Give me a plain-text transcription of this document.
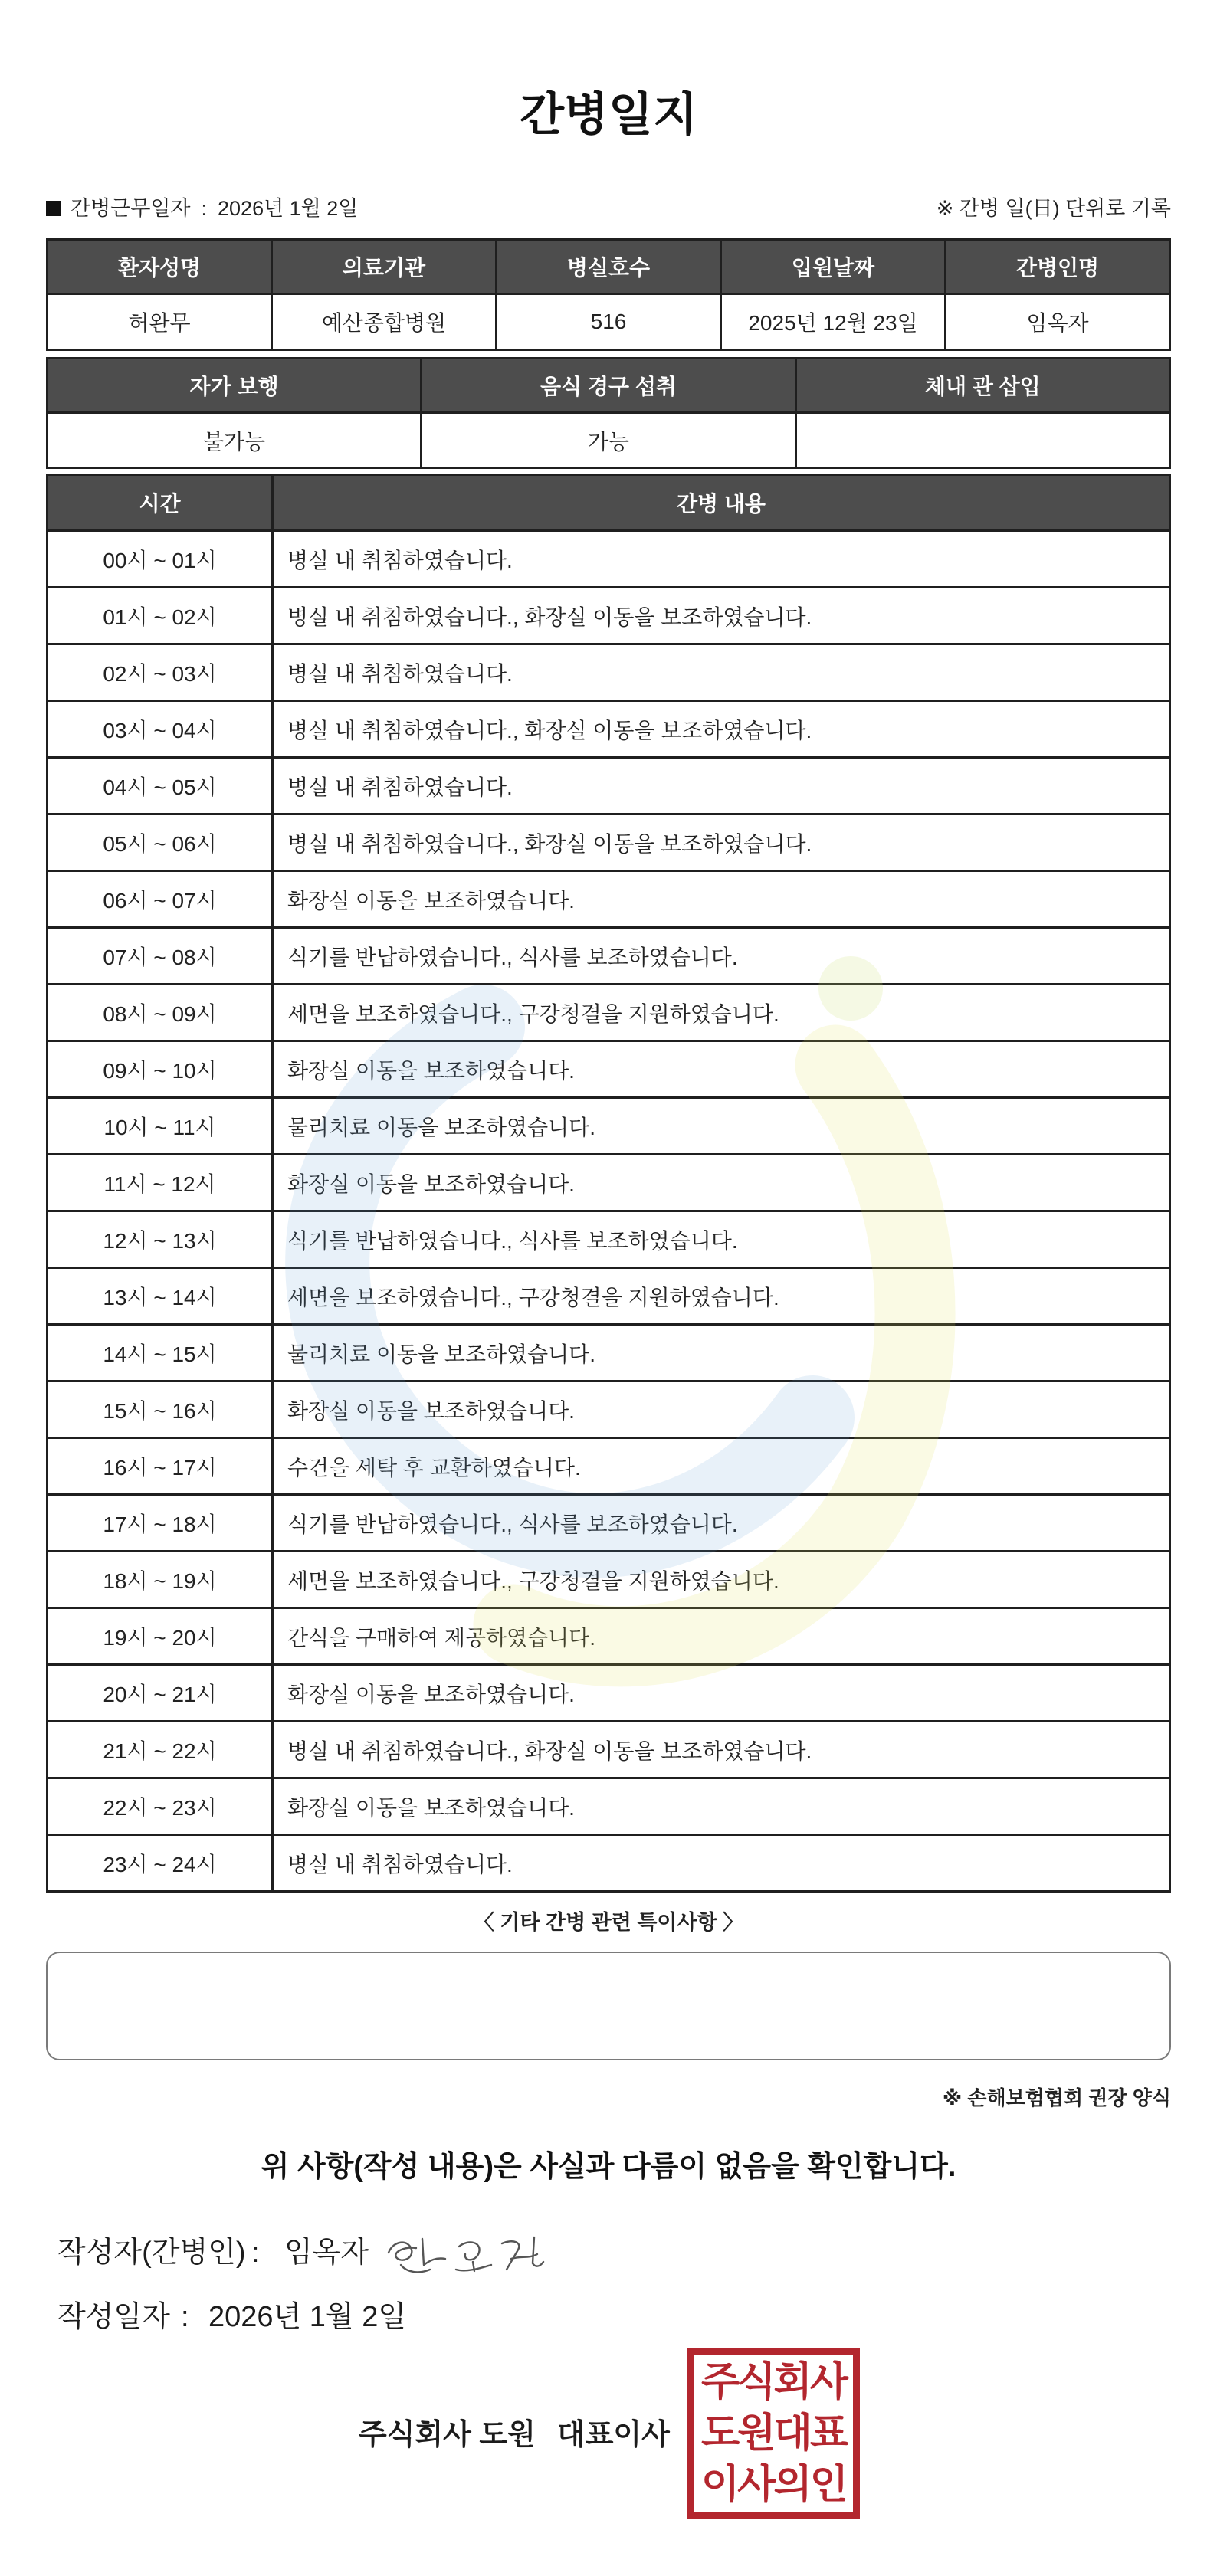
간병일지
간병근무일자 : 2026년 1월 2일	※ 간병 일(日) 단위로 기록
환자성명	의료기관	병실호수	입원날짜	간병인명
허완무	예산종합병원	516	2025년 12월 23일	임옥자
자가 보행	음식 경구 섭취	체내 관 삽입
불가능	가능	
시간	간병 내용
00시 ~ 01시	병실 내 취침하였습니다.
01시 ~ 02시	병실 내 취침하였습니다., 화장실 이동을 보조하였습니다.
02시 ~ 03시	병실 내 취침하였습니다.
03시 ~ 04시	병실 내 취침하였습니다., 화장실 이동을 보조하였습니다.
04시 ~ 05시	병실 내 취침하였습니다.
05시 ~ 06시	병실 내 취침하였습니다., 화장실 이동을 보조하였습니다.
06시 ~ 07시	화장실 이동을 보조하였습니다.
07시 ~ 08시	식기를 반납하였습니다., 식사를 보조하였습니다.
08시 ~ 09시	세면을 보조하였습니다., 구강청결을 지원하였습니다.
09시 ~ 10시	화장실 이동을 보조하였습니다.
10시 ~ 11시	물리치료 이동을 보조하였습니다.
11시 ~ 12시	화장실 이동을 보조하였습니다.
12시 ~ 13시	식기를 반납하였습니다., 식사를 보조하였습니다.
13시 ~ 14시	세면을 보조하였습니다., 구강청결을 지원하였습니다.
14시 ~ 15시	물리치료 이동을 보조하였습니다.
15시 ~ 16시	화장실 이동을 보조하였습니다.
16시 ~ 17시	수건을 세탁 후 교환하였습니다.
17시 ~ 18시	식기를 반납하였습니다., 식사를 보조하였습니다.
18시 ~ 19시	세면을 보조하였습니다., 구강청결을 지원하였습니다.
19시 ~ 20시	간식을 구매하여 제공하였습니다.
20시 ~ 21시	화장실 이동을 보조하였습니다.
21시 ~ 22시	병실 내 취침하였습니다., 화장실 이동을 보조하였습니다.
22시 ~ 23시	화장실 이동을 보조하였습니다.
23시 ~ 24시	병실 내 취침하였습니다.
〈 기타 간병 관련 특이사항 〉
※ 손해보험협회 권장 양식
위 사항(작성 내용)은 사실과 다름이 없음을 확인합니다.
작성자(간병인) : 임옥자
작성일자 : 2026년 1월 2일
주식회사 도원 대표이사
주식회사
도원대표
이사의인
